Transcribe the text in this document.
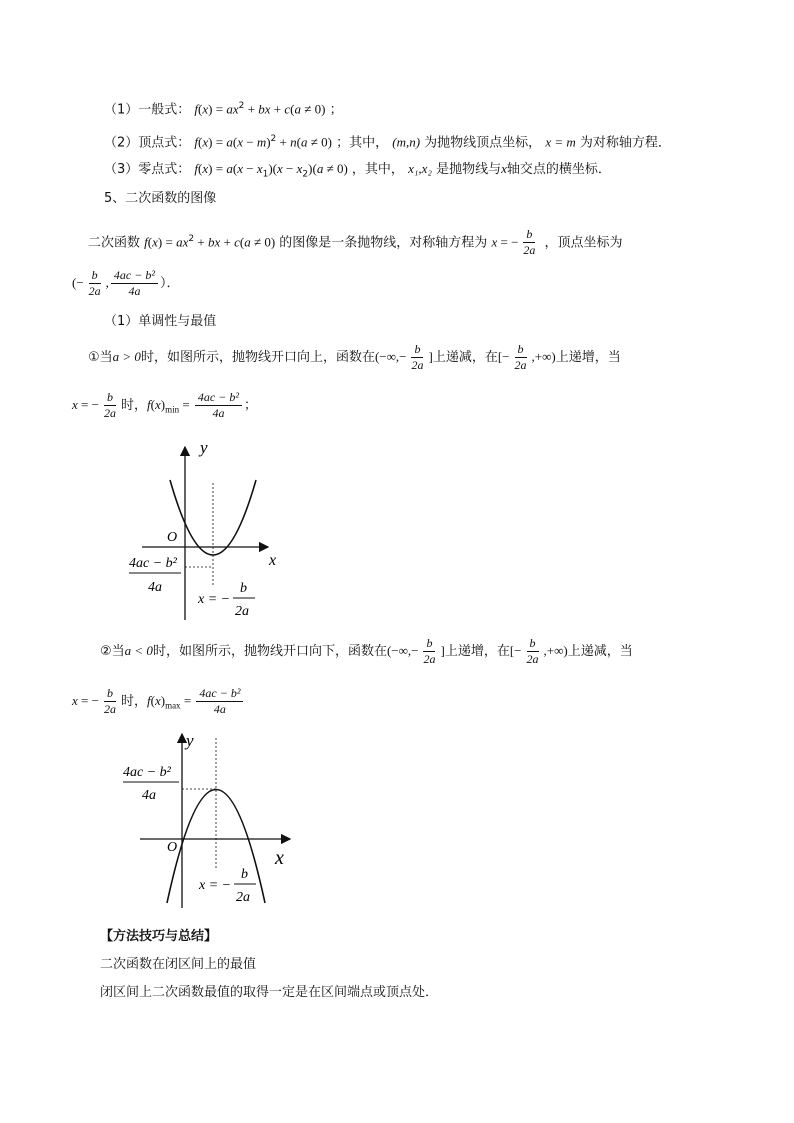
（1）一般式： $f(x) = ax^2$ + bx + c(a ≠ 0) ；
（2）顶点式： $f(x) = a(x - m)^2 + n(a \ne 0)$ ；其中， (m,n) 为抛物线顶点坐标， x = m 为对称轴方程．
（3）零点式： $f(x) = a(x - x_1)(x - x_2)(a \ne 0)$ ，其中， x₁,x₂ 是抛物线与x轴交点的横坐标．
5、二次函数的图像
二次函数 $f(x) = ax^2$ + bx + c(a ≠ 0) 的图像是一条抛物线，对称轴方程为 x = − $\frac{b}{2a}$ ，顶点坐标为
(− $\frac{b}{2a}$ , $\frac{\text{4ac − b²}}{4a}$ ）．
（1）单调性与最值
①当a > 0时，如图所示，抛物线开口向上，函数在(−∞,− $\frac{b}{2a}$ ]上递减，在[− $\frac{b}{2a}$ ,+∞)上递增，当
x = − $\frac{b}{2a}$ 时，$f(x)_{min} = \frac{\text{4ac − b²}}{4a}$ ；
y
x
O
4ac − b²
4a
x = −
b
2a
②当a < 0时，如图所示，抛物线开口向下，函数在(−∞,− $\frac{b}{2a}$ ]上递增，在[− $\frac{b}{2a}$ ,+∞)上递减，当
x = − $\frac{b}{2a}$ 时，$f(x)_{max} = \frac{\text{4ac − b²}}{4a}$
y
x
O
4ac − b²
4a
x = −
b
2a
【方法技巧与总结】
二次函数在闭区间上的最值
闭区间上二次函数最值的取得一定是在区间端点或顶点处．
